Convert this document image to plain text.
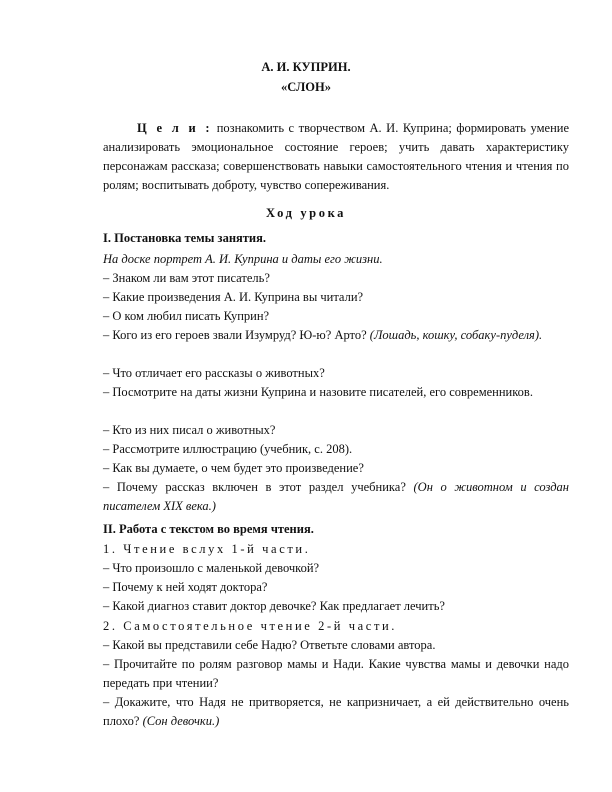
А. И. КУПРИН.
«СЛОН»
Ц е л и : познакомить с творчеством А. И. Куприна; формировать умение анализировать эмоциональное состояние героев; учить давать характеристику персонажам рассказа; совершенствовать навыки самостоятельного чтения и чтения по ролям; воспитывать доброту, чувство сопереживания.
Ход урока
I. Постановка темы занятия.
На доске портрет А. И. Куприна и даты его жизни.
– Знаком ли вам этот писатель?
– Какие произведения А. И. Куприна вы читали?
– О ком любил писать Куприн?
– Кого из его героев звали Изумруд? Ю-ю? Арто? (Лошадь, кошку, собаку-пуделя).
– Что отличает его рассказы о животных?
– Посмотрите на даты жизни Куприна и назовите писателей, его современников.
– Кто из них писал о животных?
– Рассмотрите иллюстрацию (учебник, с. 208).
– Как вы думаете, о чем будет это произведение?
– Почему рассказ включен в этот раздел учебника? (Он о животном и создан писателем XIX века.)
II. Работа с текстом во время чтения.
1. Чтение вслух 1-й части.
– Что произошло с маленькой девочкой?
– Почему к ней ходят доктора?
– Какой диагноз ставит доктор девочке? Как предлагает лечить?
2. Самостоятельное чтение 2-й части.
– Какой вы представили себе Надю? Ответьте словами автора.
– Прочитайте по ролям разговор мамы и Нади. Какие чувства мамы и девочки надо передать при чтении?
– Докажите, что Надя не притворяется, не капризничает, а ей действительно очень плохо? (Сон девочки.)
